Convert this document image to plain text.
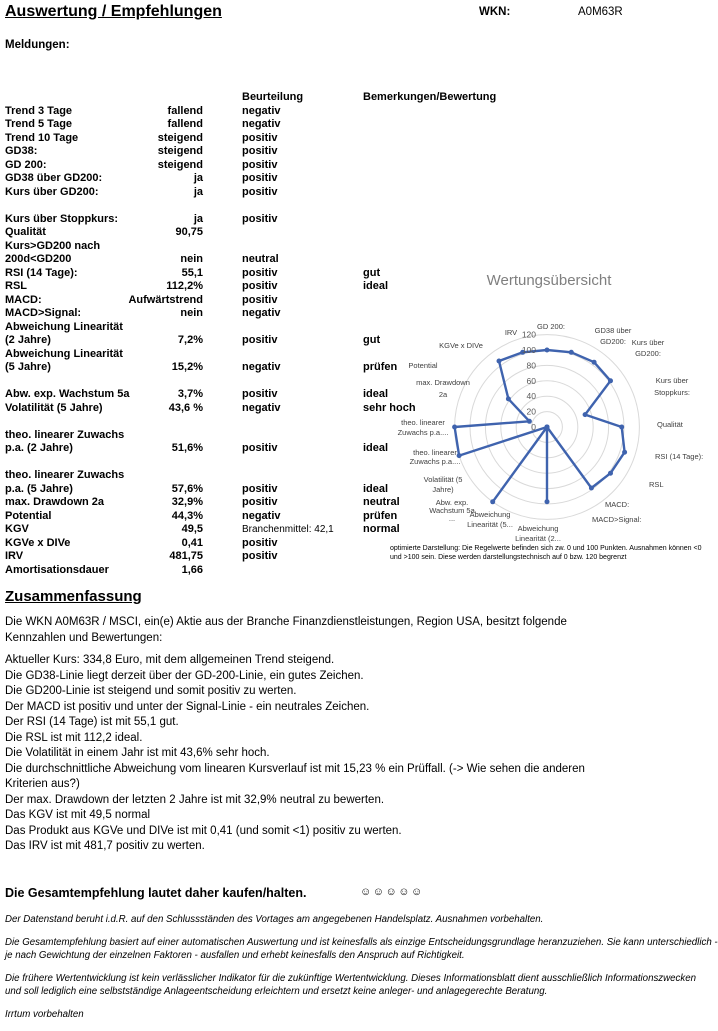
Auswertung / Empfehlungen	WKN:	A0M63R
Meldungen:
Beurteilung	Bemerkungen/Bewertung
Trend 3 Tage	fallend	negativ
Trend 5 Tage	fallend	negativ
Trend 10 Tage	steigend	positiv
GD38:	steigend	positiv
GD 200:	steigend	positiv
GD38 über GD200:	ja	positiv
Kurs über GD200:	ja	positiv
Kurs über Stoppkurs:	ja	positiv
Qualität	90,75
Kurs>GD200 nach
200d<GD200	nein	neutral
RSI (14 Tage):	55,1	positiv	gut
RSL	112,2%	positiv	ideal
MACD:	Aufwärtstrend	positiv
MACD>Signal:	nein	negativ
Abweichung Linearität
(2 Jahre)	7,2%	positiv	gut
Abweichung Linearität
(5 Jahre)	15,2%	negativ	prüfen
Abw. exp. Wachstum 5a	3,7%	positiv	ideal
Volatilität (5 Jahre)	43,6 %	negativ	sehr hoch
theo. linearer Zuwachs
p.a. (2 Jahre)	51,6%	positiv	ideal
theo. linearer Zuwachs
p.a. (5 Jahre)	57,6%	positiv	ideal
max. Drawdown 2a	32,9%	positiv	neutral
Potential	44,3%	negativ	prüfen
KGV	49,5	Branchenmittel: 42,1	normal
KGVe x DIVe	0,41	positiv
IRV	481,75	positiv
Amortisationsdauer	1,66
0
20
40
60
80
100
120
GD 200:	GD38 über
GD200: Kurs über
GD200:
Kurs über
Stoppkurs:
Qualität
RSI (14 Tage):
RSL
MACD:
MACD>Signal:
Abweichung
Linearität (2...
Abweichung
Linearität (5...
Abw. exp.
Wachstum 5a
...
Volatilität (5
Jahre)
theo. linearer
Zuwachs p.a....
theo. linearer
Zuwachs p.a....
max. Drawdown
2a
Potential
KGVe x DIVe
IRV
Wertungsübersicht
optimierte Darstellung: Die Regelwerte befinden sich zw. 0 und 100 Punkten. Ausnahmen können <0
und >100 sein. Diese werden darstellungstechnisch auf 0 bzw. 120 begrenzt
Zusammenfassung
Die WKN A0M63R / MSCI, ein(e) Aktie aus der Branche Finanzdienstleistungen, Region USA, besitzt folgende
Kennzahlen und Bewertungen:
Aktueller Kurs: 334,8 Euro, mit dem allgemeinen Trend steigend.
Die GD38-Linie liegt derzeit über der GD-200-Linie, ein gutes Zeichen.
Die GD200-Linie ist steigend und somit positiv zu werten.
Der MACD ist positiv und unter der Signal-Linie - ein neutrales Zeichen.
Der RSI (14 Tage) ist mit 55,1 gut.
Die RSL ist mit 112,2 ideal.
Die Volatilität in einem Jahr ist mit 43,6% sehr hoch.
Die durchschnittliche Abweichung vom linearen Kursverlauf ist mit 15,23 % ein Prüffall. (-> Wie sehen die anderen
Kriterien aus?)
Der max. Drawdown der letzten 2 Jahre ist mit 32,9% neutral zu bewerten.
Das KGV ist mit 49,5 normal
Das Produkt aus KGVe und DIVe ist mit 0,41 (und somit <1) positiv zu werten.
Das IRV ist mit 481,7 positiv zu werten.
Die Gesamtempfehlung lautet daher kaufen/halten.	☺☺☺☺☺
Der Datenstand beruht i.d.R. auf den Schlussständen des Vortages am angegebenen Handelsplatz. Ausnahmen vorbehalten.
Die Gesamtempfehlung basiert auf einer automatischen Auswertung und ist keinesfalls als einzige Entscheidungsgrundlage heranzuziehen. Sie kann unterschiedlich -
je nach Gewichtung der einzelnen Faktoren - ausfallen und erhebt keinesfalls den Anspruch auf Richtigkeit.
Die frühere Wertentwicklung ist kein verlässlicher Indikator für die zukünftige Wertentwicklung. Dieses Informationsblatt dient ausschließlich Informationszwecken
und soll lediglich eine selbstständige Anlageentscheidung erleichtern und ersetzt keine anleger- und anlagegerechte Beratung.
Irrtum vorbehalten
